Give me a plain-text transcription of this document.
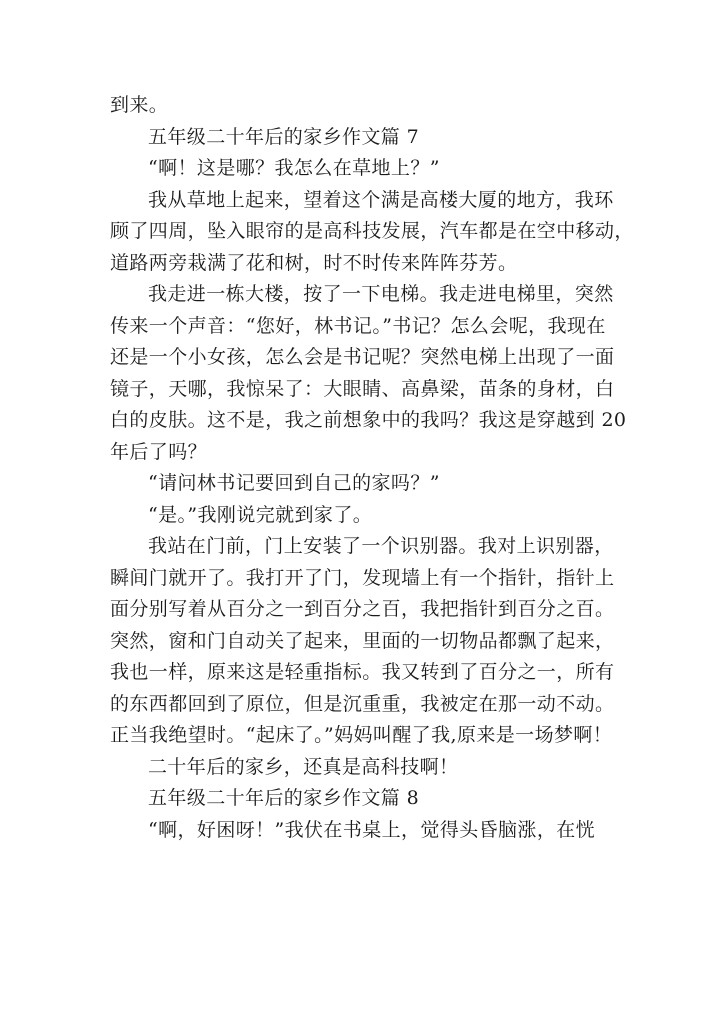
到来。

五年级二十年后的家乡作文篇 7

“啊！这是哪？我怎么在草地上？”

我从草地上起来，望着这个满是高楼大厦的地方，我环

顾了四周，坠入眼帘的是高科技发展，汽车都是在空中移动，
道路两旁栽满了花和树，时不时传来阵阵芬芳。

我走进一栋大楼，按了一下电梯。我走进电梯里，突然

传来一个声音：“您好，林书记。”书记？怎么会呢，我现在
还是一个小女孩，怎么会是书记呢？突然电梯上出现了一面
镜子，天哪，我惊呆了：大眼睛、高鼻梁，苗条的身材，白
白的皮肤。这不是，我之前想象中的我吗？我这是穿越到 20
年后了吗？

“请问林书记要回到自己的家吗？”

“是。”我刚说完就到家了。

我站在门前，门上安装了一个识别器。我对上识别器，

瞬间门就开了。我打开了门，发现墙上有一个指针，指针上
面分别写着从百分之一到百分之百，我把指针到百分之百。
突然，窗和门自动关了起来，里面的一切物品都飘了起来，
我也一样，原来这是轻重指标。我又转到了百分之一，所有
的东西都回到了原位，但是沉重重，我被定在那一动不动。
正当我绝望时。“起床了。”妈妈叫醒了我,原来是一场梦啊！

二十年后的家乡，还真是高科技啊！

五年级二十年后的家乡作文篇 8

“啊，好困呀！”我伏在书桌上，觉得头昏脑涨，在恍
